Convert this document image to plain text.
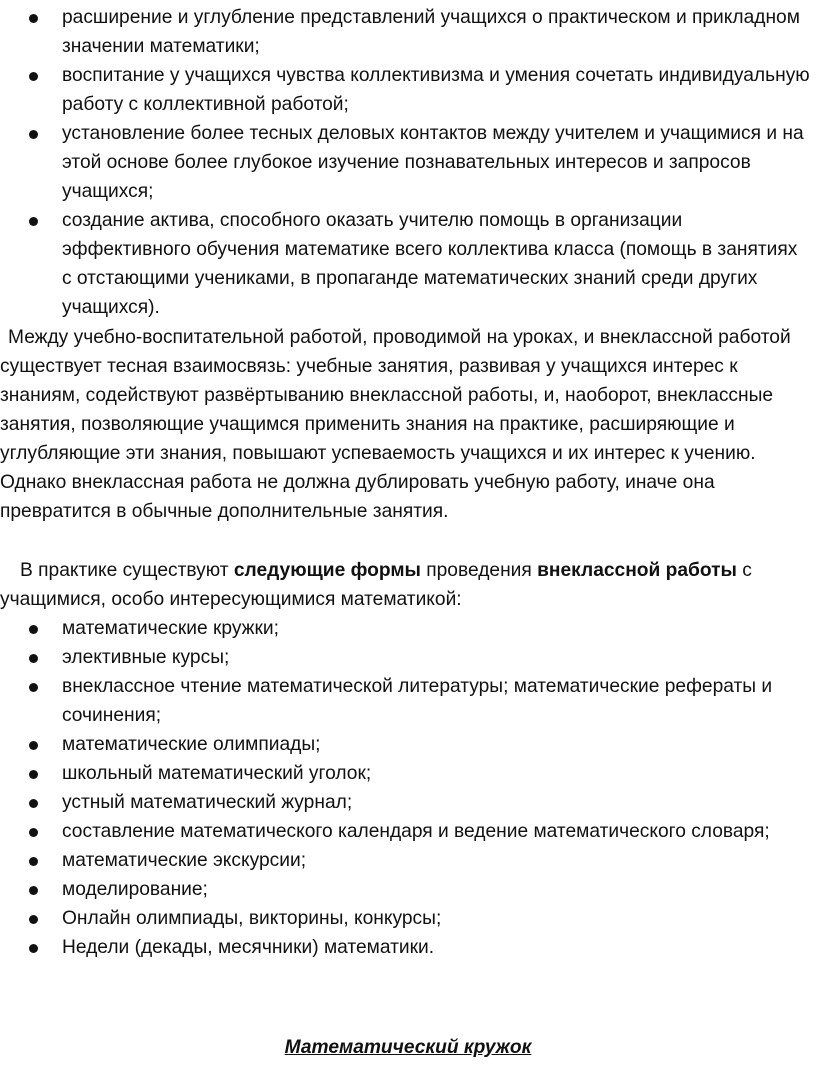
расширение и углубление представлений учащихся о практическом и прикладном значении математики;
воспитание у учащихся чувства коллективизма и умения сочетать индивидуальную работу с коллективной работой;
установление более тесных деловых контактов между учителем и учащимися и на этой основе более глубокое изучение познавательных интересов и запросов учащихся;
создание актива, способного оказать учителю помощь в организации эффективного обучения математике всего коллектива класса (помощь в занятиях с отстающими учениками, в пропаганде математических знаний среди других учащихся).

Между учебно-воспитательной работой, проводимой на уроках, и внеклассной работой существует тесная взаимосвязь: учебные занятия, развивая у учащихся интерес к знаниям, содействуют развёртыванию внеклассной работы, и, наоборот, внеклассные занятия, позволяющие учащимся применить знания на практике, расширяющие и углубляющие эти знания, повышают успеваемость учащихся и их интерес к учению. Однако внеклассная работа не должна дублировать учебную работу, иначе она превратится в обычные дополнительные занятия.

В практике существуют следующие формы проведения внеклассной работы с учащимися, особо интересующимися математикой:

математические кружки;
элективные курсы;
внеклассное чтение математической литературы; математические рефераты и сочинения;
математические олимпиады;
школьный математический уголок;
устный математический журнал;
составление математического календаря и ведение математического словаря;
математические экскурсии;
моделирование;
Онлайн олимпиады, викторины, конкурсы;
Недели (декады, месячники) математики.

Математический кружок
